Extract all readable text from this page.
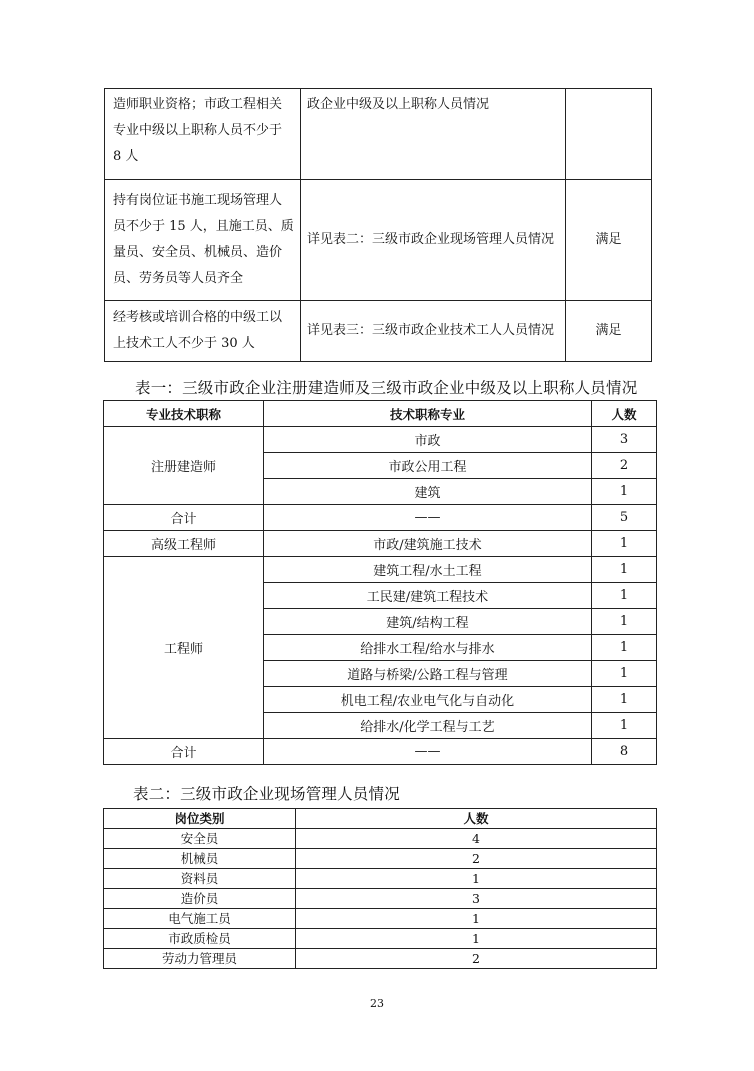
造师职业资格；市政工程相关专业中级以上职称人员不少于 8 人	政企业中级及以上职称人员情况	
持有岗位证书施工现场管理人员不少于 15 人，且施工员、质量员、安全员、机械员、造价员、劳务员等人员齐全	详见表二：三级市政企业现场管理人员情况	满足
经考核或培训合格的中级工以上技术工人不少于 30 人	详见表三：三级市政企业技术工人人员情况	满足
表一：三级市政企业注册建造师及三级市政企业中级及以上职称人员情况
专业技术职称	技术职称专业	人数
注册建造师	市政	3
	市政公用工程	2
	建筑	1
合计	——	5
高级工程师	市政/建筑施工技术	1
工程师	建筑工程/水土工程	1
	工民建/建筑工程技术	1
	建筑/结构工程	1
	给排水工程/给水与排水	1
	道路与桥梁/公路工程与管理	1
	机电工程/农业电气化与自动化	1
	给排水/化学工程与工艺	1
合计	——	8
表二：三级市政企业现场管理人员情况
岗位类别	人数
安全员	4
机械员	2
资料员	1
造价员	3
电气施工员	1
市政质检员	1
劳动力管理员	2
23
